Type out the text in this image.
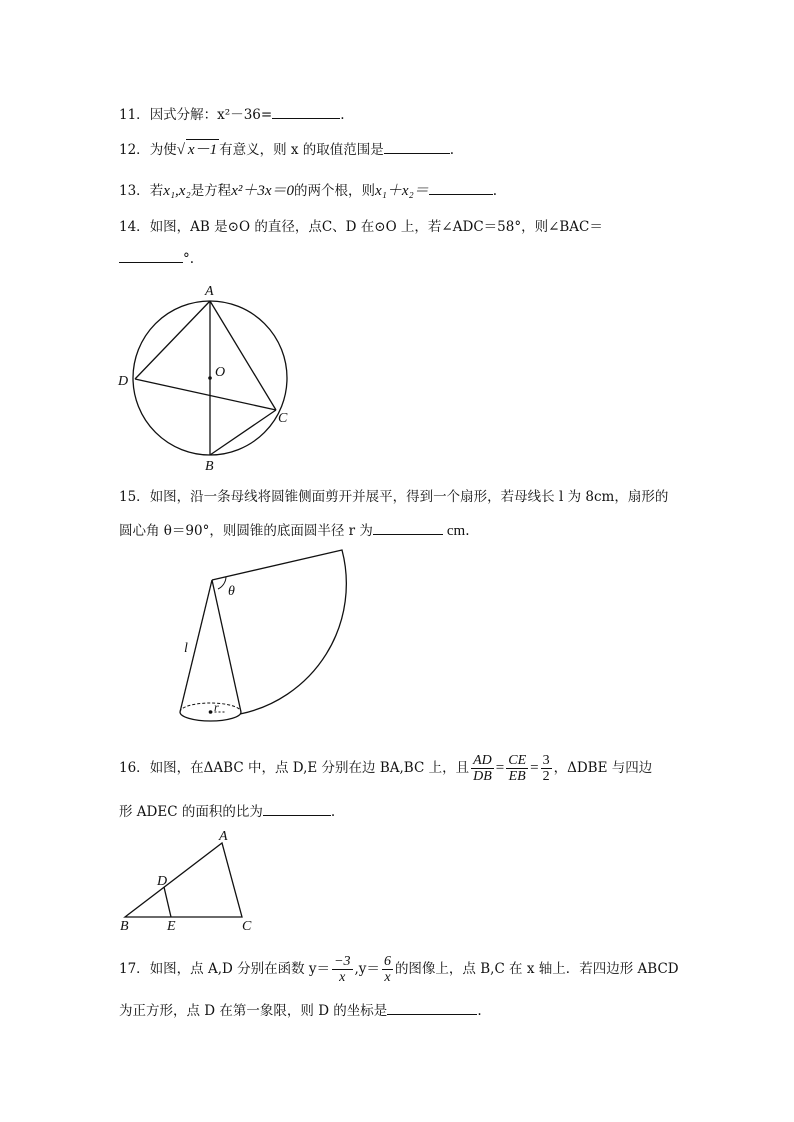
11．因式分解：x²－36=	.
12．为使√ x－1 有意义，则 x 的取值范围是	.
13．若x₁,x₂是方程x²＋3x＝0的两个根，则x₁＋x₂＝	.
14．如图，AB 是⊙O 的直径，点C、D 在⊙O 上，若∠ADC＝58°，则∠BAC＝
°.
A
B
C
D
O
15．如图，沿一条母线将圆锥侧面剪开并展平，得到一个扇形，若母线长 l 为 8cm，扇形的
圆心角 θ＝90°，则圆锥的底面圆半径 r 为	cm.
θ
l
r
16．如图，在ΔABC 中，点 D,E 分别在边 BA,BC 上，且 $\frac{AD}{DB} = \frac{CE}{EB} = \frac{3}{2}$ ，ΔDBE 与四边
形 ADEC 的面积的比为	.
A
B	C
D
E
17．如图，点 A,D 分别在函数 $y= \frac{-3}{x} ,y= \frac{6}{x}$ 的图像上，点 B,C 在 x 轴上．若四边形 ABCD
为正方形，点 D 在第一象限，则 D 的坐标是	.
